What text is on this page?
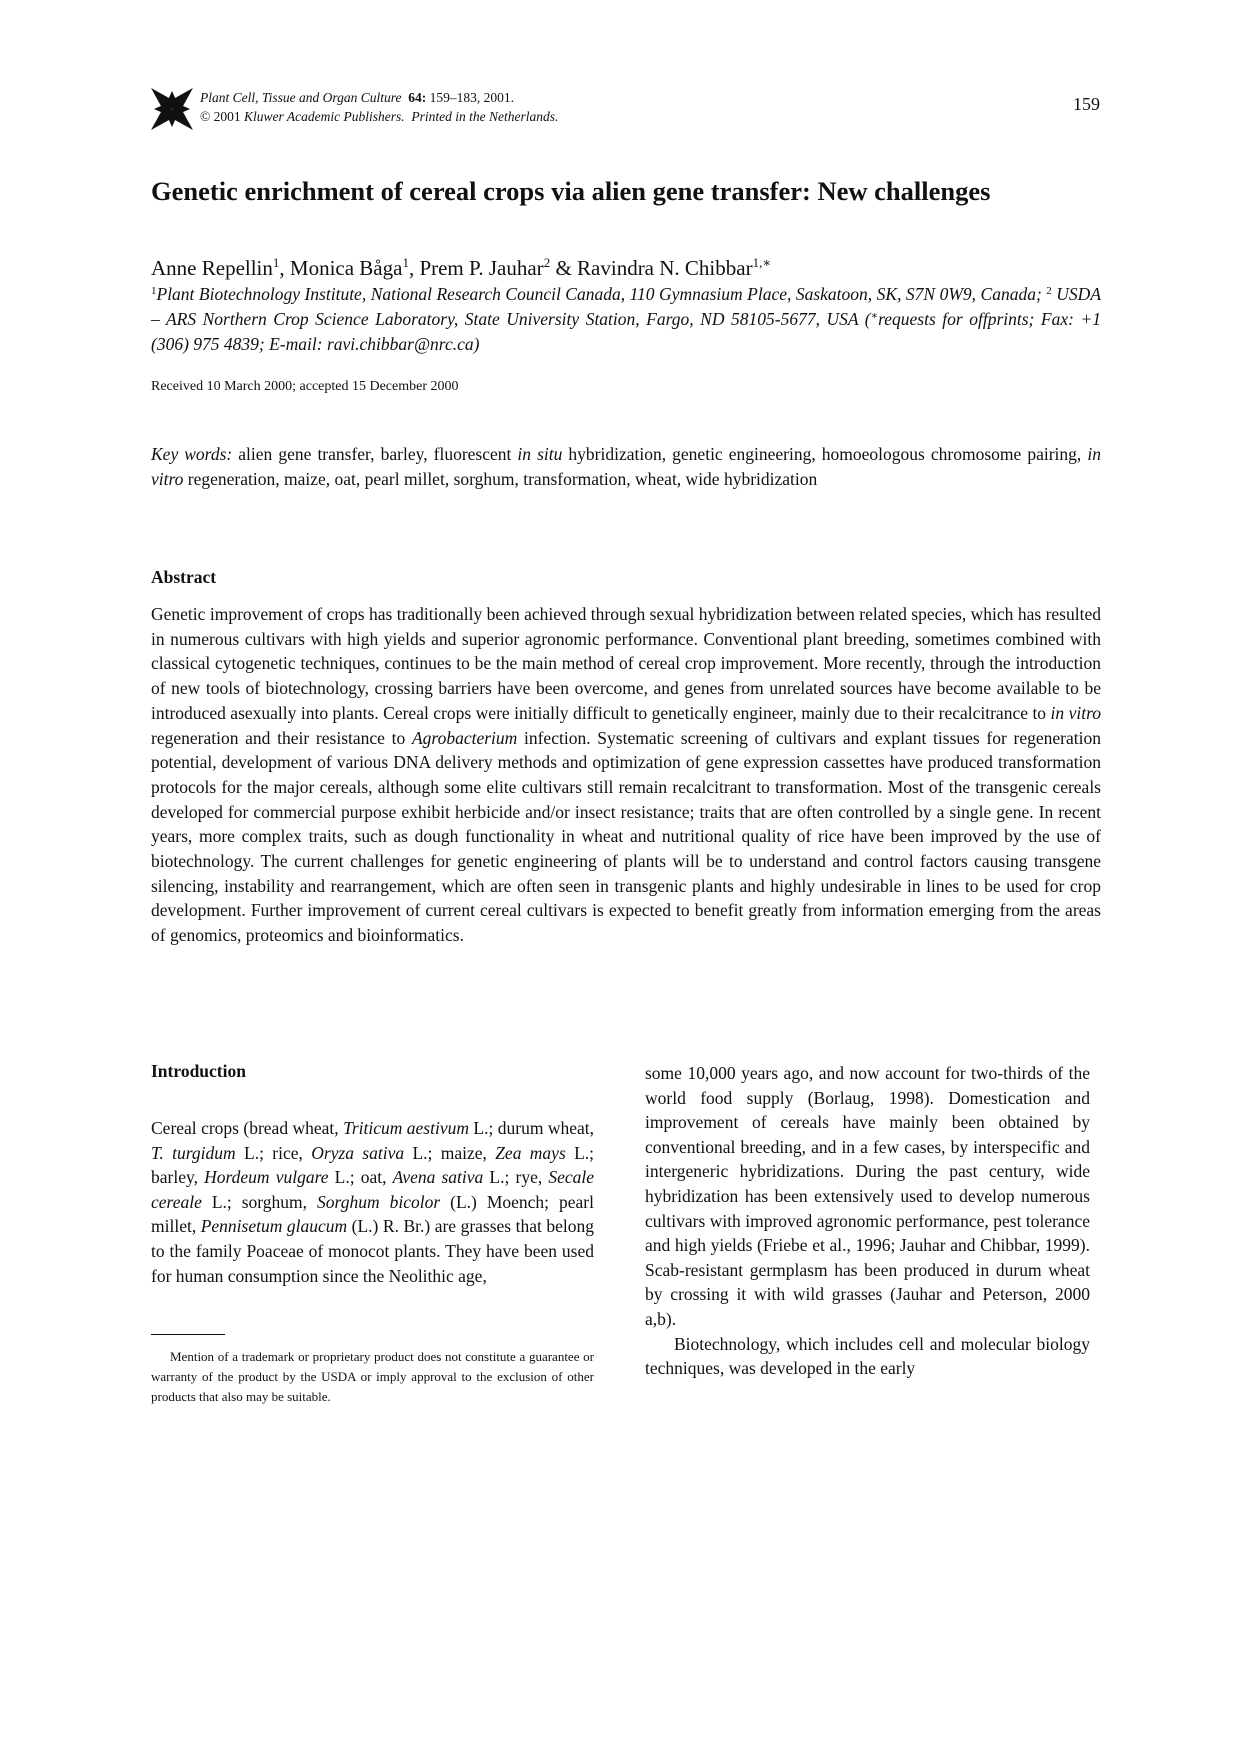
Plant Cell, Tissue and Organ Culture 64: 159–183, 2001.
© 2001 Kluwer Academic Publishers. Printed in the Netherlands.
159
Genetic enrichment of cereal crops via alien gene transfer: New challenges
Anne Repellin$^1$, Monica Båga$^1$, Prem P. Jauhar$^2$ & Ravindra N. Chibbar$^{1,∗}$
$^1$Plant Biotechnology Institute, National Research Council Canada, 110 Gymnasium Place, Saskatoon, SK, S7N 0W9, Canada; $^2$ USDA – ARS Northern Crop Science Laboratory, State University Station, Fargo, ND 58105-5677, USA (∗requests for offprints; Fax: +1 (306) 975 4839; E-mail: ravi.chibbar@nrc.ca)
Received 10 March 2000; accepted 15 December 2000
Key words: alien gene transfer, barley, fluorescent in situ hybridization, genetic engineering, homoeologous chromosome pairing, in vitro regeneration, maize, oat, pearl millet, sorghum, transformation, wheat, wide hybridization
Abstract
Genetic improvement of crops has traditionally been achieved through sexual hybridization between related species, which has resulted in numerous cultivars with high yields and superior agronomic performance. Conventional plant breeding, sometimes combined with classical cytogenetic techniques, continues to be the main method of cereal crop improvement. More recently, through the introduction of new tools of biotechnology, crossing barriers have been overcome, and genes from unrelated sources have become available to be introduced asexually into plants. Cereal crops were initially difficult to genetically engineer, mainly due to their recalcitrance to in vitro regeneration and their resistance to Agrobacterium infection. Systematic screening of cultivars and explant tissues for regeneration potential, development of various DNA delivery methods and optimization of gene expression cassettes have produced transformation protocols for the major cereals, although some elite cultivars still remain recalcitrant to transformation. Most of the transgenic cereals developed for commercial purpose exhibit herbicide and/or insect resistance; traits that are often controlled by a single gene. In recent years, more complex traits, such as dough functionality in wheat and nutritional quality of rice have been improved by the use of biotechnology. The current challenges for genetic engineering of plants will be to understand and control factors causing transgene silencing, instability and rearrangement, which are often seen in transgenic plants and highly undesirable in lines to be used for crop development. Further improvement of current cereal cultivars is expected to benefit greatly from information emerging from the areas of genomics, proteomics and bioinformatics.
Introduction
Cereal crops (bread wheat, Triticum aestivum L.; durum wheat, T. turgidum L.; rice, Oryza sativa L.; maize, Zea mays L.; barley, Hordeum vulgare L.; oat, Avena sativa L.; rye, Secale cereale L.; sorghum, Sorghum bicolor (L.) Moench; pearl millet, Pennisetum glaucum (L.) R. Br.) are grasses that belong to the family Poaceae of monocot plants. They have been used for human consumption since the Neolithic age,

some 10,000 years ago, and now account for two-thirds of the world food supply (Borlaug, 1998). Domestication and improvement of cereals have mainly been obtained by conventional breeding, and in a few cases, by interspecific and intergeneric hybridizations. During the past century, wide hybridization has been extensively used to develop numerous cultivars with improved agronomic performance, pest tolerance and high yields (Friebe et al., 1996; Jauhar and Chibbar, 1999). Scab-resistant germplasm has been produced in durum wheat by crossing it with wild grasses (Jauhar and Peterson, 2000 a,b).

Biotechnology, which includes cell and molecular biology techniques, was developed in the early

Mention of a trademark or proprietary product does not constitute a guarantee or warranty of the product by the USDA or imply approval to the exclusion of other products that also may be suitable.
